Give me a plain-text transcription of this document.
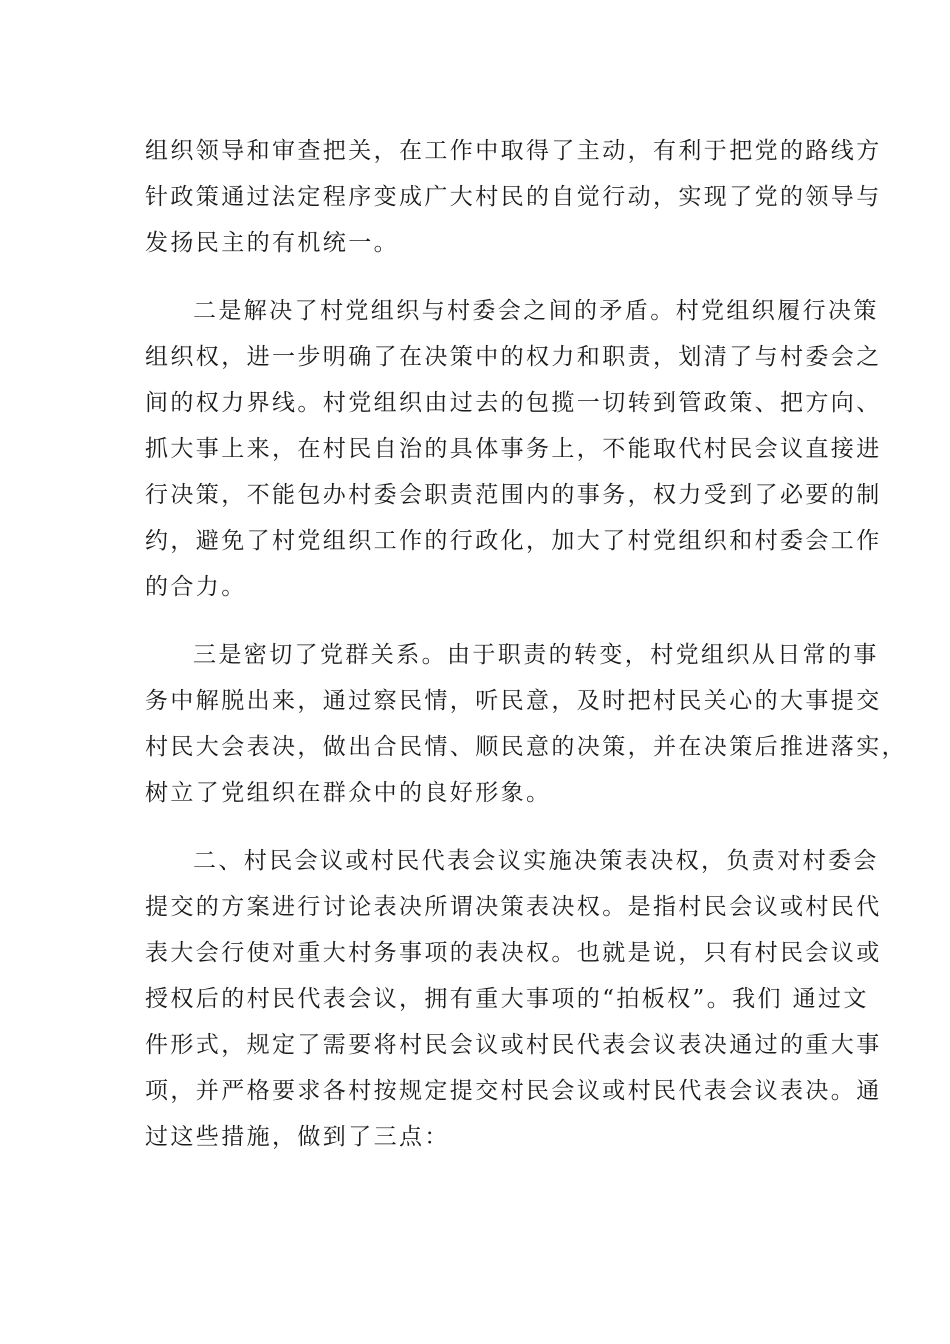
组织领导和审查把关，在工作中取得了主动，有利于把党的路线方
针政策通过法定程序变成广大村民的自觉行动，实现了党的领导与
发扬民主的有机统一。
二是解决了村党组织与村委会之间的矛盾。村党组织履行决策
组织权，进一步明确了在决策中的权力和职责，划清了与村委会之
间的权力界线。村党组织由过去的包揽一切转到管政策、把方向、
抓大事上来，在村民自治的具体事务上，不能取代村民会议直接进
行决策，不能包办村委会职责范围内的事务，权力受到了必要的制
约，避免了村党组织工作的行政化，加大了村党组织和村委会工作
的合力。
三是密切了党群关系。由于职责的转变，村党组织从日常的事
务中解脱出来，通过察民情，听民意，及时把村民关心的大事提交
村民大会表决，做出合民情、顺民意的决策，并在决策后推进落实，
树立了党组织在群众中的良好形象。
二、村民会议或村民代表会议实施决策表决权，负责对村委会
提交的方案进行讨论表决所谓决策表决权。是指村民会议或村民代
表大会行使对重大村务事项的表决权。也就是说，只有村民会议或
授权后的村民代表会议，拥有重大事项的“拍板权”。我们 通过文
件形式，规定了需要将村民会议或村民代表会议表决通过的重大事
项，并严格要求各村按规定提交村民会议或村民代表会议表决。通
过这些措施，做到了三点：
